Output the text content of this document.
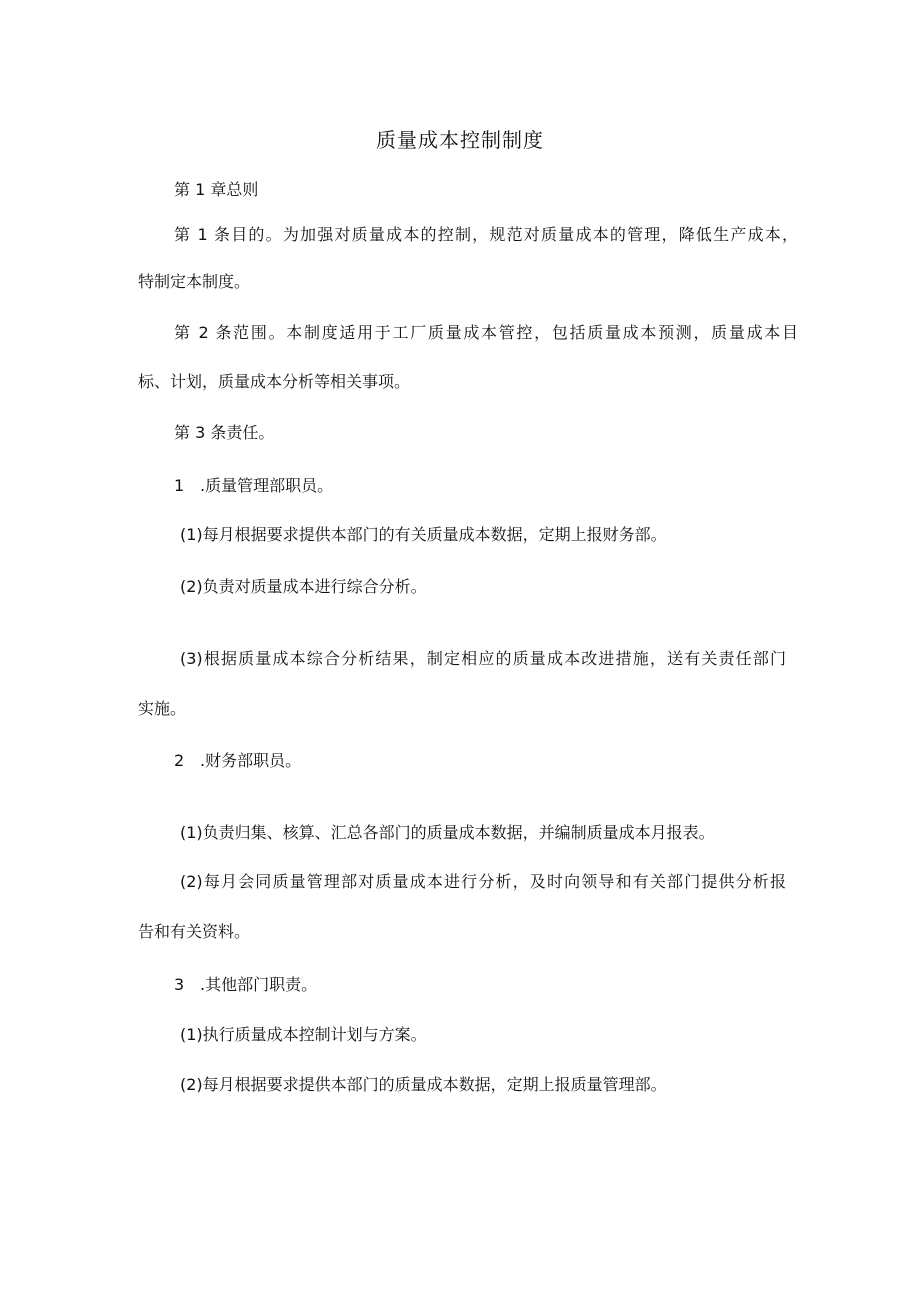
质量成本控制制度
第 1 章总则
第 1 条目的。为加强对质量成本的控制，规范对质量成本的管理，降低生产成本，
特制定本制度。
第 2 条范围。本制度适用于工厂质量成本管控，包括质量成本预测，质量成本目
标、计划，质量成本分析等相关事项。
第 3 条责任。
1 .质量管理部职员。
(1)每月根据要求提供本部门的有关质量成本数据，定期上报财务部。
(2)负责对质量成本进行综合分析。
(3)根据质量成本综合分析结果，制定相应的质量成本改进措施，送有关责任部门
实施。
2 .财务部职员。
(1)负责归集、核算、汇总各部门的质量成本数据，并编制质量成本月报表。
(2)每月会同质量管理部对质量成本进行分析，及时向领导和有关部门提供分析报
告和有关资料。
3 .其他部门职责。
(1)执行质量成本控制计划与方案。
(2)每月根据要求提供本部门的质量成本数据，定期上报质量管理部。
